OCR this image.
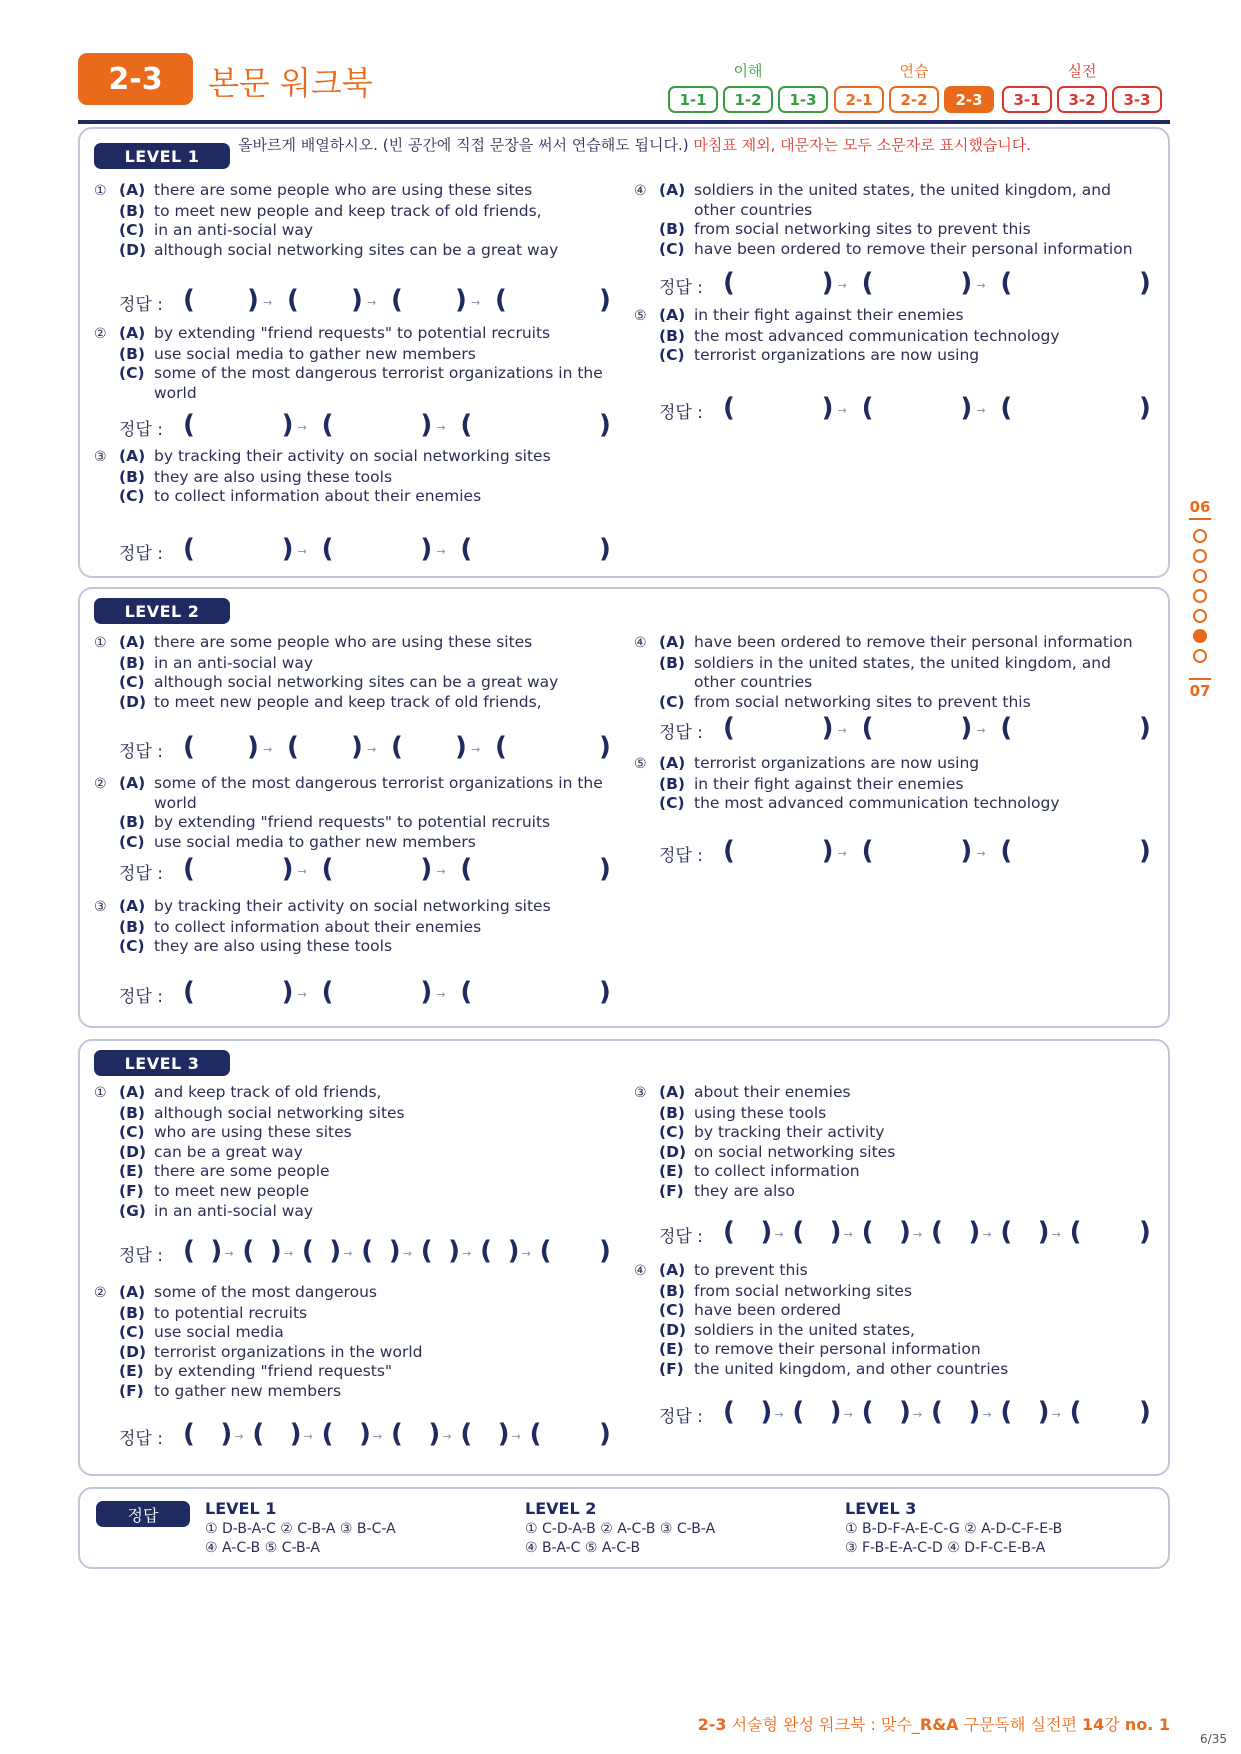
2-3	본문 워크북	이해
1-1	1-2	1-3
연습
2-1	2-2	2-3
실전
3-1	3-2	3-3
LEVEL 1
올바르게 배열하시오. (빈 공간에 직접 문장을 써서 연습해도 됩니다.) 마침표 제외, 대문자는 모두 소문자로 표시했습니다.
LEVEL 2
LEVEL 3
① (A) there are some people who are using these sites
(B) to meet new people and keep track of old friends,
(C) in an anti-social way
(D) although social networking sites can be a great way
정답 : ( ) → ( ) → ( ) → (	)
② (A) by extending "friend requests" to potential recruits
(B) use social media to gather new members
(C) some of the most dangerous terrorist organizations in the world
정답 : (	) → (	) → (	)
③ (A) by tracking their activity on social networking sites
(B) they are also using these tools
(C) to collect information about their enemies
정답 : (	) → (	) → (	)
④ (A) soldiers in the united states, the united kingdom, and other countries
(B) from social networking sites to prevent this
(C) have been ordered to remove their personal information
정답 : (	) → (	) → (	)
⑤ (A) in their fight against their enemies
(B) the most advanced communication technology
(C) terrorist organizations are now using
정답 : (	) → (	) → (	)
① (A) there are some people who are using these sites
(B) in an anti-social way
(C) although social networking sites can be a great way
(D) to meet new people and keep track of old friends,
정답 : ( ) → ( ) → ( ) → (	)
② (A) some of the most dangerous terrorist organizations in the world
(B) by extending "friend requests" to potential recruits
(C) use social media to gather new members
정답 : (	) → (	) → (	)
③ (A) by tracking their activity on social networking sites
(B) to collect information about their enemies
(C) they are also using these tools
정답 : (	) → (	) → (	)
④ (A) have been ordered to remove their personal information
(B) soldiers in the united states, the united kingdom, and other countries
(C) from social networking sites to prevent this
정답 : (	) → (	) → (	)
⑤ (A) terrorist organizations are now using
(B) in their fight against their enemies
(C) the most advanced communication technology
정답 : (	) → (	) → (	)
① (A) and keep track of old friends,
(B) although social networking sites
(C) who are using these sites
(D) can be a great way
(E) there are some people
(F) to meet new people
(G) in an anti-social way
정답 : ( ) → ( ) → ( ) → ( ) → ( ) → ( ) → ( )
② (A) some of the most dangerous
(B) to potential recruits
(C) use social media
(D) terrorist organizations in the world
(E) by extending "friend requests"
(F) to gather new members
정답 : ( ) → ( ) → ( ) → ( ) → ( ) → ( )
③ (A) about their enemies
(B) using these tools
(C) by tracking their activity
(D) on social networking sites
(E) to collect information
(F) they are also
정답 : ( ) → ( ) → ( ) → ( ) → ( ) → ( )
④ (A) to prevent this
(B) from social networking sites
(C) have been ordered
(D) soldiers in the united states,
(E) to remove their personal information
(F) the united kingdom, and other countries
정답 : ( ) → ( ) → ( ) → ( ) → ( ) → ( )
정답	LEVEL 1
① D-B-A-C ② C-B-A ③ B-C-A
④ A-C-B ⑤ C-B-A
LEVEL 2
① C-D-A-B ② A-C-B ③ C-B-A
④ B-A-C ⑤ A-C-B
LEVEL 3
① B-D-F-A-E-C-G ② A-D-C-F-E-B
③ F-B-E-A-C-D ④ D-F-C-E-B-A
06
07
2-3 서술형 완성 워크북 : 맞수_R&A 구문독해 실전편 14강 no. 1
6/35
